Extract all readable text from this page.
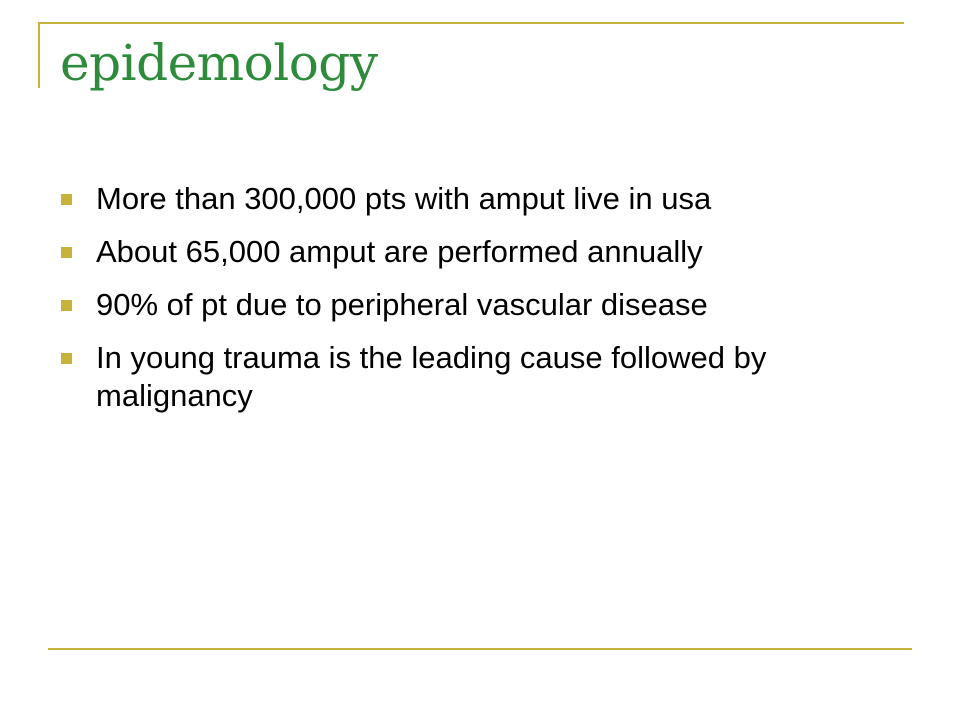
epidemology
More than 300,000 pts with amput live in usa
About 65,000 amput are performed annually
90% of pt due to peripheral vascular disease
In young trauma is the leading cause followed by malignancy
